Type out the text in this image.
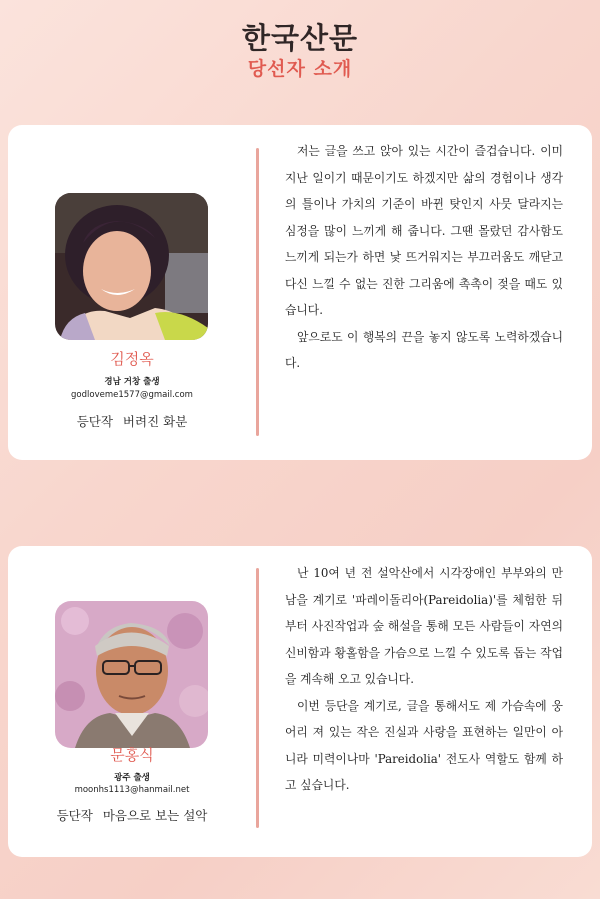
한국산문
당선자 소개
김정옥
경남 거창 출생
godloveme1577@gmail.com
등단작 버려진 화분

저는 글을 쓰고 앉아 있는 시간이 즐겁습니다. 이미 지난 일이기 때문이기도 하겠지만 삶의 경험이나 생각의 틀이나 가치의 기준이 바뀐 탓인지 사뭇 달라지는 심정을 많이 느끼게 해 줍니다. 그땐 몰랐던 감사함도 느끼게 되는가 하면 낯 뜨거워지는 부끄러움도 깨닫고 다신 느낄 수 없는 진한 그리움에 촉촉이 젖을 때도 있습니다.

앞으로도 이 행복의 끈을 놓지 않도록 노력하겠습니다.

문홍식
광주 출생
moonhs1113@hanmail.net
등단작 마음으로 보는 설악

난 10여 년 전 설악산에서 시각장애인 부부와의 만남을 계기로 '파레이돌리아(Pareidolia)'를 체험한 뒤부터 사진작업과 숲 해설을 통해 모든 사람들이 자연의 신비함과 황홀함을 가슴으로 느낄 수 있도록 돕는 작업을 계속해 오고 있습니다.

이번 등단을 계기로, 글을 통해서도 제 가슴속에 웅어리 져 있는 작은 진실과 사랑을 표현하는 일만이 아니라 미력이나마 'Pareidolia' 전도사 역할도 함께 하고 싶습니다.
